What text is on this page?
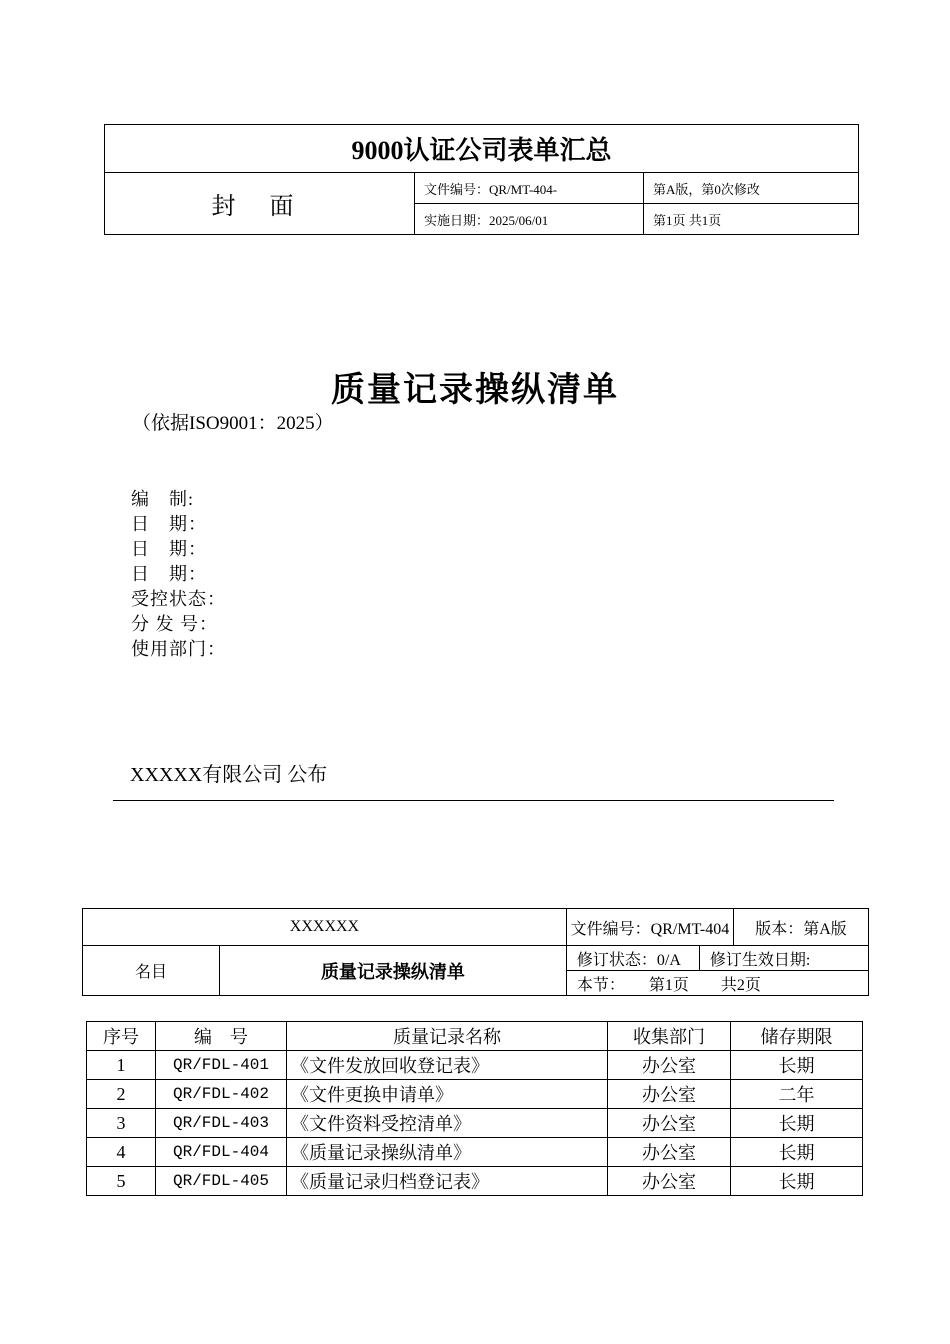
9000认证公司表单汇总		
封 面	文件编号：QR/MT-404-	第A版，第0次修改
	实施日期：2025/06/01	第1页 共1页
质量记录操纵清单
（依据ISO9001：2025）
编　制:
日　期：
日　期：
日　期：
受控状态：
分 发 号：
使用部门：
XXXXX有限公司 公布
XXXXXX		文件编号：QR/MT-404		版本：第A版
名目	质量记录操纵清单	修订状态：0/A	修订生效日期:	
		本节：　　第1页　　共2页		
序号	编　号	质量记录名称	收集部门	储存期限
1	QR/FDL-401	《文件发放回收登记表》	办公室	长期
2	QR/FDL-402	《文件更换申请单》	办公室	二年
3	QR/FDL-403	《文件资料受控清单》	办公室	长期
4	QR/FDL-404	《质量记录操纵清单》	办公室	长期
5	QR/FDL-405	《质量记录归档登记表》	办公室	长期
